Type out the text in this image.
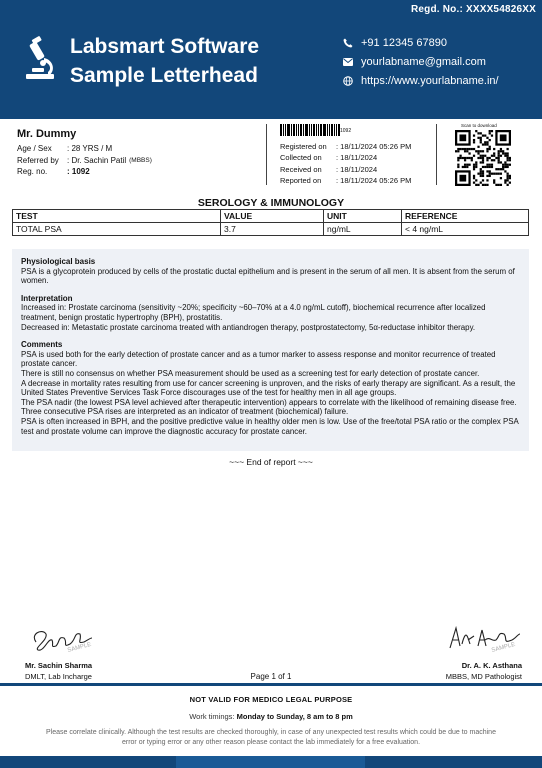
Regd. No.: XXXX54826XX
Labsmart Software
Sample Letterhead
+91 12345 67890
yourlabname@gmail.com
https://www.yourlabname.in/
Mr. Dummy
Age / Sex	: 28 YRS / M
Referred by	: Dr. Sachin Patil (MBBS)
Reg. no.	: 1092
1092
Registered on	: 18/11/2024 05:26 PM
Collected on	: 18/11/2024
Received on	: 18/11/2024
Reported on	: 18/11/2024 05:26 PM
Scan to download
SEROLOGY & IMMUNOLOGY
TEST	VALUE	UNIT	REFERENCE
TOTAL PSA	3.7	ng/mL	< 4 ng/mL
Physiological basis

PSA is a glycoprotein produced by cells of the prostatic ductal epithelium and is present in the serum of all men. It is absent from the serum of women.

Interpretation

Increased in: Prostate carcinoma (sensitivity ~20%; specificity ~60–70% at a 4.0 ng/mL cutoff), biochemical recurrence after localized treatment, benign prostatic hypertrophy (BPH), prostatitis.

Decreased in: Metastatic prostate carcinoma treated with antiandrogen therapy, postprostatectomy, 5α-reductase inhibitor therapy.

Comments

PSA is used both for the early detection of prostate cancer and as a tumor marker to assess response and monitor recurrence of treated prostate cancer.

There is still no consensus on whether PSA measurement should be used as a screening test for early detection of prostate cancer.

A decrease in mortality rates resulting from use for cancer screening is unproven, and the risks of early therapy are significant. As a result, the United States Preventive Services Task Force discourages use of the test for healthy men in all age groups.

The PSA nadir (the lowest PSA level achieved after therapeutic intervention) appears to correlate with the likelihood of remaining disease free. Three consecutive PSA rises are interpreted as an indicator of treatment (biochemical) failure.

PSA is often increased in BPH, and the positive predictive value in healthy older men is low. Use of the free/total PSA ratio or the complex PSA test and prostate volume can improve the diagnostic accuracy for prostate cancer.

~~~ End of report ~~~
SAMPLE	SAMPLE
Mr. Sachin Sharma
DMLT, Lab Incharge	Page 1 of 1
Dr. A. K. Asthana
MBBS, MD Pathologist
NOT VALID FOR MEDICO LEGAL PURPOSE
Work timings: Monday to Sunday, 8 am to 8 pm
Please correlate clinically. Although the test results are checked thoroughly, in case of any unexpected test results which could be due to machine error or typing error or any other reason please contact the lab immediately for a free evaluation.
